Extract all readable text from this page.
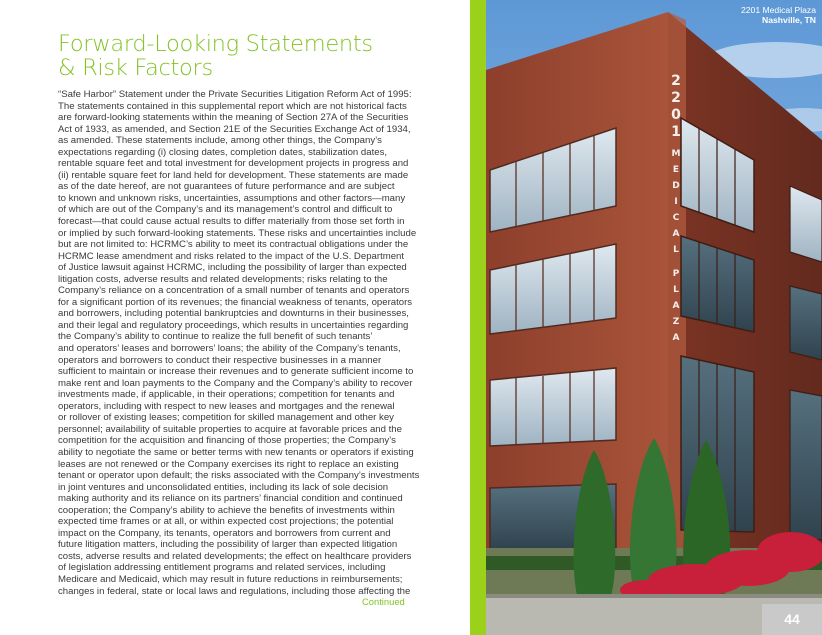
Forward-Looking Statements
& Risk Factors
“Safe Harbor” Statement under the Private Securities Litigation Reform Act of 1995:
The statements contained in this supplemental report which are not historical facts
are forward-looking statements within the meaning of Section 27A of the Securities
Act of 1933, as amended, and Section 21E of the Securities Exchange Act of 1934,
as amended. These statements include, among other things, the Company’s
expectations regarding (i) closing dates, completion dates, stabilization dates,
rentable square feet and total investment for development projects in progress and
(ii) rentable square feet for land held for development. These statements are made
as of the date hereof, are not guarantees of future performance and are subject
to known and unknown risks, uncertainties, assumptions and other factors—many
of which are out of the Company’s and its management’s control and difficult to
forecast—that could cause actual results to differ materially from those set forth in
or implied by such forward-looking statements. These risks and uncertainties include
but are not limited to: HCRMC’s ability to meet its contractual obligations under the
HCRMC lease amendment and risks related to the impact of the U.S. Department
of Justice lawsuit against HCRMC, including the possibility of larger than expected
litigation costs, adverse results and related developments; risks relating to the
Company’s reliance on a concentration of a small number of tenants and operators
for a significant portion of its revenues; the financial weakness of tenants, operators
and borrowers, including potential bankruptcies and downturns in their businesses,
and their legal and regulatory proceedings, which results in uncertainties regarding
the Company’s ability to continue to realize the full benefit of such tenants’
and operators’ leases and borrowers’ loans; the ability of the Company’s tenants,
operators and borrowers to conduct their respective businesses in a manner
sufficient to maintain or increase their revenues and to generate sufficient income to
make rent and loan payments to the Company and the Company’s ability to recover
investments made, if applicable, in their operations; competition for tenants and
operators, including with respect to new leases and mortgages and the renewal
or rollover of existing leases; competition for skilled management and other key
personnel; availability of suitable properties to acquire at favorable prices and the
competition for the acquisition and financing of those properties; the Company’s
ability to negotiate the same or better terms with new tenants or operators if existing
leases are not renewed or the Company exercises its right to replace an existing
tenant or operator upon default; the risks associated with the Company’s investments
in joint ventures and unconsolidated entities, including its lack of sole decision
making authority and its reliance on its partners’ financial condition and continued
cooperation; the Company’s ability to achieve the benefits of investments within
expected time frames or at all, or within expected cost projections; the potential
impact on the Company, its tenants, operators and borrowers from current and
future litigation matters, including the possibility of larger than expected litigation
costs, adverse results and related developments; the effect on healthcare providers
of legislation addressing entitlement programs and related services, including
Medicare and Medicaid, which may result in future reductions in reimbursements;
changes in federal, state or local laws and regulations, including those affecting the
Continued
2
2
0
1
M
E
D
I
C
A
L
P
L
A
Z
A
2201 Medical Plaza
Nashville, TN
44
